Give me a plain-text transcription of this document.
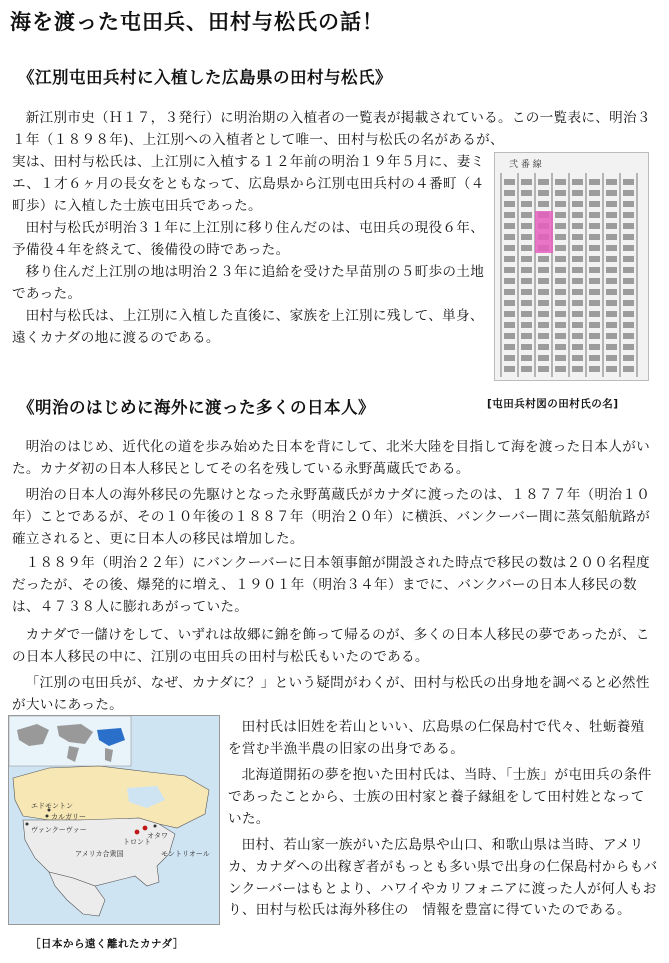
海を渡った屯田兵、田村与松氏の話！
《江別屯田兵村に入植した広島県の田村与松氏》

新江別市史（Ｈ１７，３発行）に明治期の入植者の一覧表が掲載されている。この一覧表に、明治３１年（１８９８年)、上江別への入植者として唯一、田村与松氏の名があるが、

実は、田村与松氏は、上江別に入植する１２年前の明治１９年５月に、妻ミエ、１才６ヶ月の長女をともなって、広島県から江別屯田兵村の４番町（４町歩）に入植した士族屯田兵であった。

田村与松氏が明治３１年に上江別に移り住んだのは、屯田兵の現役６年、予備役４年を終えて、後備役の時であった。

移り住んだ上江別の地は明治２３年に追給を受けた早苗別の５町歩の土地であった。

田村与松氏は、上江別に入植した直後に、家族を上江別に残して、単身、遠くカナダの地に渡るのである。

弐 番 線
[屯田兵村図の田村氏の名]
《明治のはじめに海外に渡った多くの日本人》

明治のはじめ、近代化の道を歩み始めた日本を背にして、北米大陸を目指して海を渡った日本人がいた。カナダ初の日本人移民としてその名を残している永野萬蔵氏である。

明治の日本人の海外移民の先駆けとなった永野萬蔵氏がカナダに渡ったのは、１８７７年（明治１０年）ことであるが、その１０年後の１８８７年（明治２０年）に横浜、バンクーバー間に蒸気船航路が確立されると、更に日本人の移民は増加した。

１８８９年（明治２２年）にバンクーバーに日本領事館が開設された時点で移民の数は２００名程度だったが、その後、爆発的に増え、１９０１年（明治３４年）までに、バンクバーの日本人移民の数は、４７３８人に膨れあがっていた。

カナダで一儲けをして、いずれは故郷に錦を飾って帰るのが、多くの日本人移民の夢であったが、この日本人移民の中に、江別の屯田兵の田村与松氏もいたのである。

「江別の屯田兵が、なぜ、カナダに？」という疑問がわくが、田村与松氏の出身地を調べると必然性が大いにあった。

田村氏は旧姓を若山といい、広島県の仁保島村で代々、牡蛎養殖を営む半漁半農の旧家の出身である。

北海道開拓の夢を抱いた田村氏は、当時、「士族」が屯田兵の条件であったことから、士族の田村家と養子縁組をして田村姓となっていた。

田村、若山家一族がいた広島県や山口、和歌山県は当時、アメリカ、カナダへの出稼ぎ者がもっとも多い県で出身の仁保島村からもバンクーバーはもとより、ハワイやカリフォニアに渡った人が何人もおり、田村与松氏は海外移住の　情報を豊富に得ていたのである。

エドモントン
カルガリー
ヴァンクーヴァー
オタワ
トロント
モントリオール
アメリカ合衆国
［日本から遠く離れたカナダ］
